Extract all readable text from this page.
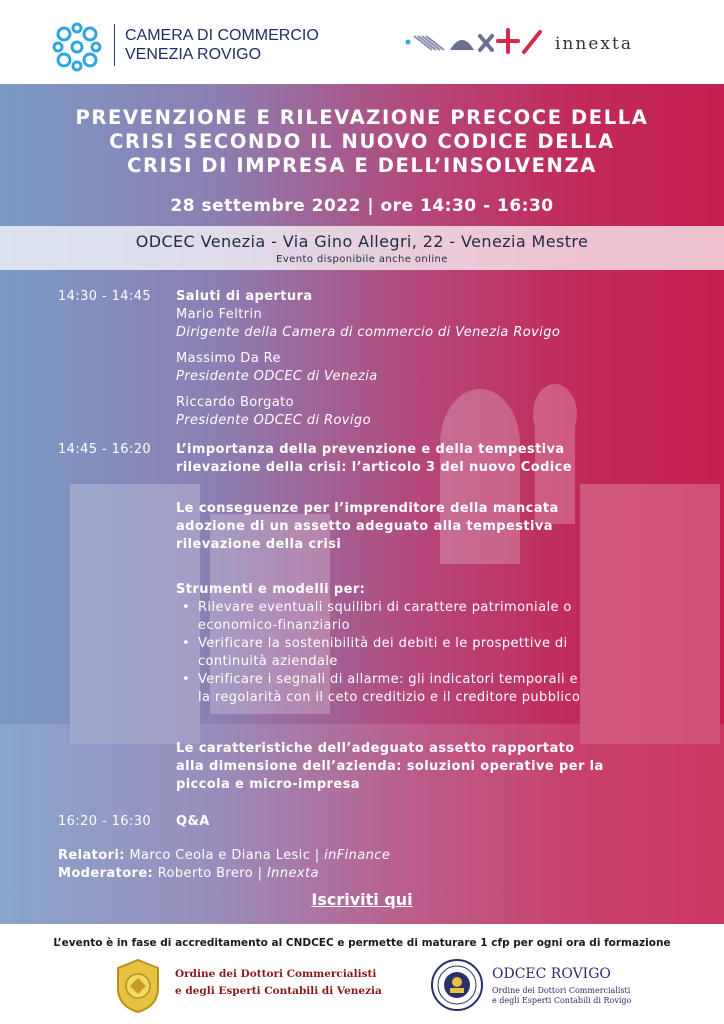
CAMERA DI COMMERCIO
VENEZIA ROVIGO
innexta
PREVENZIONE E RILEVAZIONE PRECOCE DELLA
CRISI SECONDO IL NUOVO CODICE DELLA
CRISI DI IMPRESA E DELL’INSOLVENZA
28 settembre 2022 | ore 14:30 - 16:30
ODCEC Venezia - Via Gino Allegri, 22 - Venezia Mestre
Evento disponibile anche online
14:30 - 14:45	Saluti di apertura
Mario Feltrin
Dirigente della Camera di commercio di Venezia Rovigo
Massimo Da Re
Presidente ODCEC di Venezia
Riccardo Borgato
Presidente ODCEC di Rovigo
14:45 - 16:20	L’importanza della prevenzione e della tempestiva
rilevazione della crisi: l’articolo 3 del nuovo Codice
Le conseguenze per l’imprenditore della mancata
adozione di un assetto adeguato alla tempestiva
rilevazione della crisi
Strumenti e modelli per:
• Rilevare eventuali squilibri di carattere patrimoniale o
economico-finanziario
• Verificare la sostenibilità dei debiti e le prospettive di
continuità aziendale
• Verificare i segnali di allarme: gli indicatori temporali e
la regolarità con il ceto creditizio e il creditore pubblico
Le caratteristiche dell’adeguato assetto rapportato
alla dimensione dell’azienda: soluzioni operative per la
piccola e micro-impresa
16:20 - 16:30	Q&A
Relatori: Marco Ceola e Diana Lesic | inFinance
Moderatore: Roberto Brero | Innexta
Iscriviti qui
L’evento è in fase di accreditamento al CNDCEC e permette di maturare 1 cfp per ogni ora di formazione
Ordine dei Dottori Commercialisti
e degli Esperti Contabili di Venezia
ODCEC ROVIGO
Ordine dei Dottori Commercialisti
e degli Esperti Contabili di Rovigo
